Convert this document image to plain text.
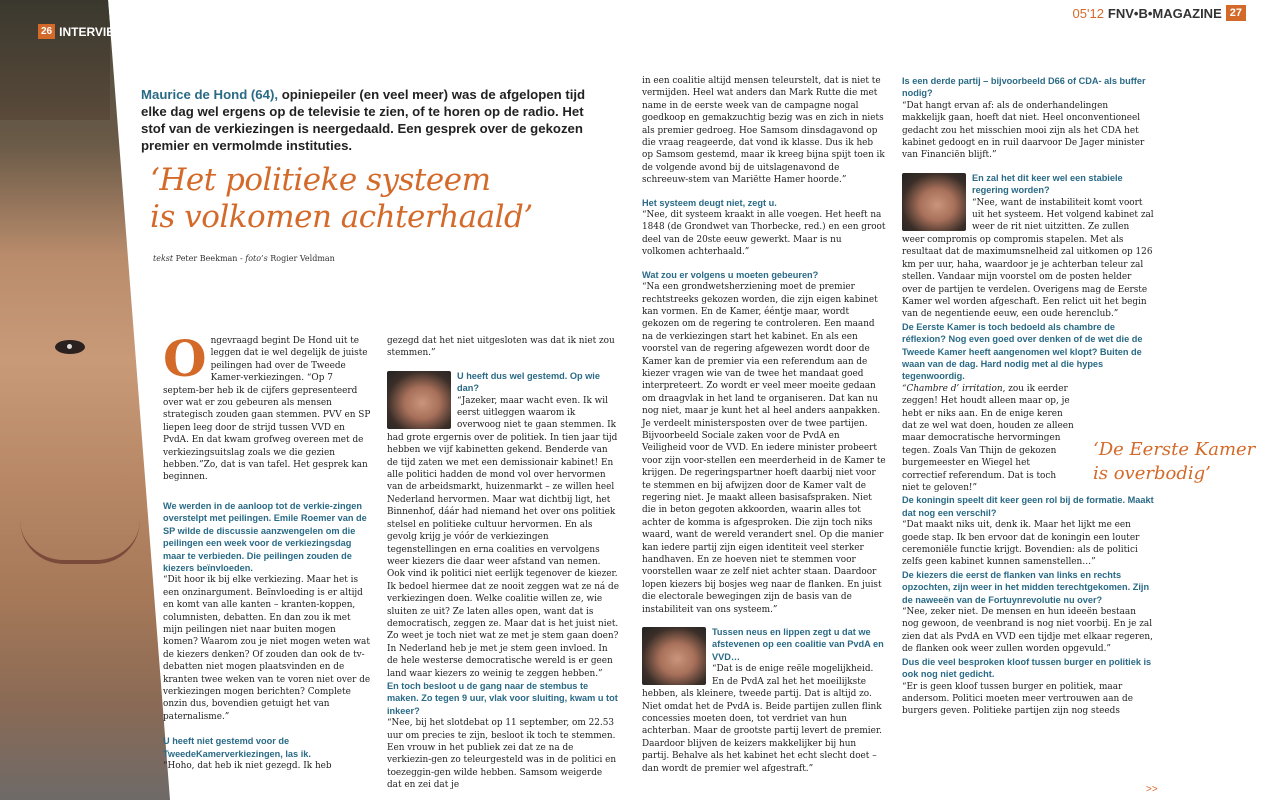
26 INTERVIEW
05'12 FNV•B•MAGAZINE 27
Maurice de Hond (64), opiniepeiler (en veel meer) was de afgelopen tijd elke dag wel ergens op de televisie te zien, of te horen op de radio. Het stof van de verkiezingen is neergedaald. Een gesprek over de gekozen premier en vermolmde instituties.
‘Het politieke systeem
is volkomen achterhaald’
tekst Peter Beekman - foto’s Rogier Veldman

Ongevraagd begint De Hond uit te leggen dat ie wel degelijk de juiste peilingen had over de Tweede Kamer-verkiezingen. “Op 7 septem-ber heb ik de cijfers gepresenteerd over wat er zou gebeuren als mensen strategisch zouden gaan stemmen. PVV en SP liepen leeg door de strijd tussen VVD en PvdA. En dat kwam grofweg overeen met de verkiezingsuitslag zoals we die gezien hebben.”Zo, dat is van tafel. Het gesprek kan beginnen.

We werden in de aanloop tot de verkie-zingen overstelpt met peilingen. Emile Roemer van de SP wilde de discussie aanzwengelen om die peilingen een week voor de verkiezingsdag maar te verbieden. Die peilingen zouden de kiezers beïnvloeden.

“Dit hoor ik bij elke verkiezing. Maar het is een onzinargument. Beïnvloeding is er altijd en komt van alle kanten – kranten-koppen, columnisten, debatten. En dan zou ik met mijn peilingen niet naar buiten mogen komen? Waarom zou je niet mogen weten wat de kiezers denken? Of zouden dan ook de tv-debatten niet mogen plaatsvinden en de kranten twee weken van te voren niet over de verkiezingen mogen berichten? Complete onzin dus, bovendien getuigt het van paternalisme.”

U heeft niet gestemd voor de TweedeKamerverkiezingen, las ik.

“Hoho, dat heb ik niet gezegd. Ik heb

gezegd dat het niet uitgesloten was dat ik niet zou stemmen.”

U heeft dus wel gestemd. Op wie dan?

“Jazeker, maar wacht even. Ik wil eerst uitleggen waarom ik overwoog niet te gaan stemmen. Ik had grote ergernis over de politiek. In tien jaar tijd hebben we vijf kabinetten gekend. Benderde van de tijd zaten we met een demissionair kabinet! En alle politici hadden de mond vol over hervormen van de arbeidsmarkt, huizenmarkt – ze willen heel Nederland hervormen. Maar wat dichtbij ligt, het Binnenhof, dáár had niemand het over ons politiek stelsel en politieke cultuur hervormen. En als gevolg krijg je vóór de verkiezingen tegenstellingen en erna coalities en vervolgens weer kiezers die daar weer afstand van nemen. Ook vind ik politici niet eerlijk tegenover de kiezer. Ik bedoel hiermee dat ze nooit zeggen wat ze ná de verkiezingen doen. Welke coalitie willen ze, wie sluiten ze uit? Ze laten alles open, want dat is democratisch, zeggen ze. Maar dat is het juist niet. Zo weet je toch niet wat ze met je stem gaan doen? In Nederland heb je met je stem geen invloed. In de hele westerse democratische wereld is er geen land waar kiezers zo weinig te zeggen hebben.”

En toch besloot u de gang naar de stembus te maken. Zo tegen 9 uur, vlak voor sluiting, kwam u tot inkeer?

“Nee, bij het slotdebat op 11 september, om 22.53 uur om precies te zijn, besloot ik toch te stemmen. Een vrouw in het publiek zei dat ze na de verkiezin-gen zo teleurgesteld was in de politici en toezeggin-gen wilde hebben. Samsom weigerde dat en zei dat je

in een coalitie altijd mensen teleurstelt, dat is niet te vermijden. Heel wat anders dan Mark Rutte die met name in de eerste week van de campagne nogal goedkoop en gemakzuchtig bezig was en zich in niets als premier gedroeg. Hoe Samsom dinsdagavond op die vraag reageerde, dat vond ik klasse. Dus ik heb op Samsom gestemd, maar ik kreeg bijna spijt toen ik de volgende avond bij de uitslagenavond de schreeuw-stem van Mariëtte Hamer hoorde.”

Het systeem deugt niet, zegt u.

“Nee, dit systeem kraakt in alle voegen. Het heeft na 1848 (de Grondwet van Thorbecke, red.) en een groot deel van de 20ste eeuw gewerkt. Maar is nu volkomen achterhaald.”

Wat zou er volgens u moeten gebeuren?

“Na een grondwetsherziening moet de premier rechtstreeks gekozen worden, die zijn eigen kabinet kan vormen. En de Kamer, ééntje maar, wordt gekozen om de regering te controleren. Een maand na de verkiezingen start het kabinet. En als een voorstel van de regering afgewezen wordt door de Kamer kan de premier via een referendum aan de kiezer vragen wie van de twee het mandaat goed interpreteert. Zo wordt er veel meer moeite gedaan om draagvlak in het land te organiseren. Dat kan nu nog niet, maar je kunt het al heel anders aanpakken. Je verdeelt ministersposten over de twee partijen. Bijvoorbeeld Sociale zaken voor de PvdA en Veiligheid voor de VVD. En iedere minister probeert voor zijn voor-stellen een meerderheid in de Kamer te krijgen. De regeringspartner hoeft daarbij niet voor te stemmen en bij afwijzen door de Kamer valt de regering niet. Je maakt alleen basisafspraken. Niet die in beton gegoten akkoorden, waarin alles tot achter de komma is afgesproken. Die zijn toch niks waard, want de wereld verandert snel. Op die manier kan iedere partij zijn eigen identiteit veel sterker handhaven. En ze hoeven niet te stemmen voor voorstellen waar ze zelf niet achter staan. Daardoor lopen kiezers bij bosjes weg naar de flanken. En juist die electorale bewegingen zijn de basis van de instabiliteit van ons systeem.”

Tussen neus en lippen zegt u dat we afstevenen op een coalitie van PvdA en VVD…

“Dat is de enige reële mogelijkheid. En de PvdA zal het het moeilijkste hebben, als kleinere, tweede partij. Dat is altijd zo. Niet omdat het de PvdA is. Beide partijen zullen flink concessies moeten doen, tot verdriet van hun achterban. Maar de grootste partij levert de premier. Daardoor blijven de keizers makkelijker bij hun partij. Behalve als het kabinet het echt slecht doet – dan wordt de premier wel afgestraft.”

Is een derde partij – bijvoorbeeld D66 of CDA- als buffer nodig?

“Dat hangt ervan af: als de onderhandelingen makkelijk gaan, hoeft dat niet. Heel onconventioneel gedacht zou het misschien mooi zijn als het CDA het kabinet gedoogt en in ruil daarvoor De Jager minister van Financiën blijft.”

En zal het dit keer wel een stabiele regering worden?

“Nee, want de instabiliteit komt voort uit het systeem. Het volgend kabinet zal weer de rit niet uitzitten. Ze zullen weer compromis op compromis stapelen. Met als resultaat dat de maximumsnelheid zal uitkomen op 126 km per uur, haha, waardoor je je achterban teleur zal stellen. Vandaar mijn voorstel om de posten helder over de partijen te verdelen. Overigens mag de Eerste Kamer wel worden afgeschaft. Een relict uit het begin van de negentiende eeuw, een oude herenclub.”

De Eerste Kamer is toch bedoeld als chambre de réflexion? Nog even goed over denken of de wet die de Tweede Kamer heeft aangenomen wel klopt? Buiten de waan van de dag. Hard nodig met al die hypes tegenwoordig.

“Chambre d’ irritation, zou ik eerder zeggen! Het houdt alleen maar op, je hebt er niks aan. En de enige keren dat ze wel wat doen, houden ze alleen maar democratische hervormingen tegen. Zoals Van Thijn de gekozen burgemeester en Wiegel het correctief referendum. Dat is toch niet te geloven!”

De koningin speelt dit keer geen rol bij de formatie. Maakt dat nog een verschil?

“Dat maakt niks uit, denk ik. Maar het lijkt me een goede stap. Ik ben ervoor dat de koningin een louter ceremoniële functie krijgt. Bovendien: als de politici zelfs geen kabinet kunnen samenstellen…”

De kiezers die eerst de flanken van links en rechts opzochten, zijn weer in het midden terechtgekomen. Zijn de naweeën van de Fortuynrevolutie nu over?

“Nee, zeker niet. De mensen en hun ideeën bestaan nog gewoon, de veenbrand is nog niet voorbij. En je zal zien dat als PvdA en VVD een tijdje met elkaar regeren, de flanken ook weer zullen worden opgevuld.”

Dus die veel besproken kloof tussen burger en politiek is ook nog niet gedicht.

“Er is geen kloof tussen burger en politiek, maar andersom. Politici moeten meer vertrouwen aan de burgers geven. Politieke partijen zijn nog steeds

‘De Eerste Kamer
is overbodig’
>>
